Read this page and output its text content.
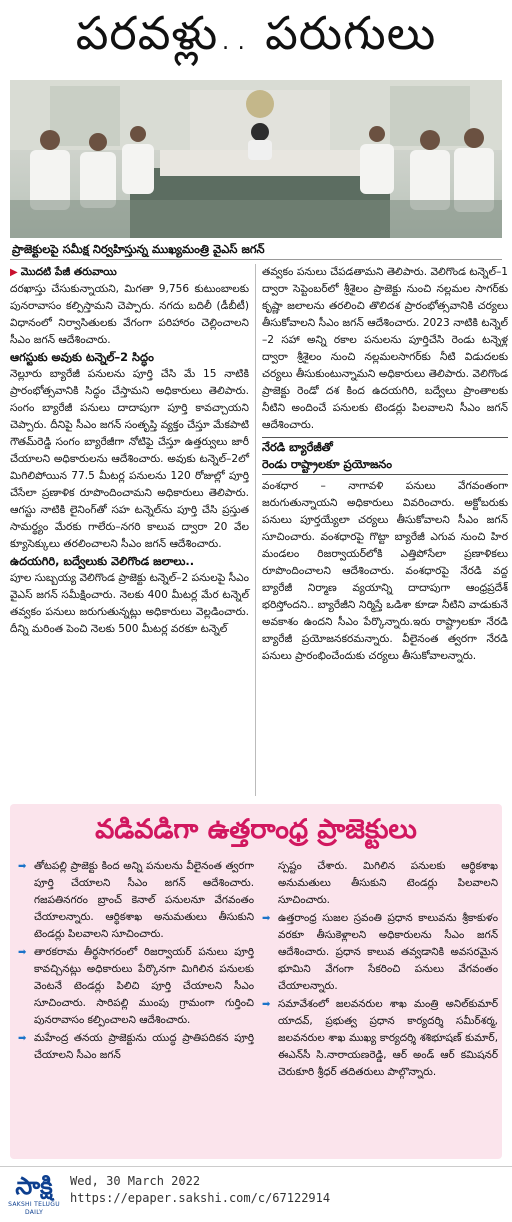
పరవళ్లు.. పరుగులు
ప్రాజెక్టులపై సమీక్ష నిర్వహిస్తున్న ముఖ్యమంత్రి వైఎస్ జగన్
▶ మొదటి పేజీ తరువాయి
దరఖాస్తు చేసుకున్నాయని, మిగతా 9,756 కుటుంబాలకు పునరావాసం కల్పిస్తామని చెప్పారు. నగదు బదిలీ (డీబీటీ) విధానంలో నిర్వాసితులకు వేగంగా పరిహారం చెల్లించాలని సీఎం జగన్ ఆదేశించారు.
ఆగస్టుకు అవుకు టన్నెల్–2 సిద్ధం
నెల్లూరు బ్యారేజీ పనులను పూర్తి చేసి మే 15 నాటికి ప్రారంభోత్సవానికి సిద్ధం చేస్తామని అధికారులు తెలిపారు. సంగం బ్యారేజీ పనులు దాదాపుగా పూర్తి కావచ్చాయని చెప్పారు. దీనిపై సీఎం జగన్ సంతృప్తి వ్యక్తం చేస్తూ మేకపాటి గౌతమ్‌రెడ్డి సంగం బ్యారేజీగా నోటిఫై చేస్తూ ఉత్తర్వులు జారీ చేయాలని అధికారులను ఆదేశించారు. అవుకు టన్నెల్–2లో మిగిలిపోయిన 77.5 మీటర్ల పనులను 120 రోజుల్లో పూర్తి చేసేలా ప్రణాళిక రూపొందించామని అధికారులు తెలిపారు. ఆగస్టు నాటికి లైనింగ్‌తో సహ టన్నెల్‌ను పూర్తి చేసి ప్రస్తుత సామర్థ్యం మేరకు గాలేరు–నగరి కాలువ ద్వారా 20 వేల క్యూసెక్కులు తరలించాలని సీఎం జగన్ ఆదేశించారు.
ఉదయగిరి, బద్వేలుకు వెలిగొండ జలాలు..
పూల సుబ్బయ్య వెలిగొండ ప్రాజెక్టు టన్నెల్–2 పనులపై సీఎం వైఎస్ జగన్ సమీక్షించారు. నెలకు 400 మీటర్ల మేర టన్నెల్ తవ్వకం పనులు జరుగుతున్నట్లు అధికారులు వెల్లడించారు. దీన్ని మరింత పెంచి నెలకు 500 మీటర్ల వరకూ టన్నెల్
తవ్వకం పనులు చేపడతామని తెలిపారు. వెలిగొండ టన్నెల్–1 ద్వారా సెప్టెంబర్‌లో శ్రీశైలం ప్రాజెక్టు నుంచి నల్లమల సాగర్‌కు కృష్ణా జలాలను తరలించి తొలిదశ ప్రారంభోత్సవానికి చర్యలు తీసుకోవాలని సీఎం జగన్ ఆదేశించారు. 2023 నాటికి టన్నెల్ –2 సహా అన్ని రకాల పనులను పూర్తిచేసి రెండు టన్నెళ్ల ద్వారా శ్రీశైలం నుంచి నల్లమలసాగర్‌కు నీటి విడుదలకు చర్యలు తీసుకుంటున్నామని అధికారులు తెలిపారు. వెలిగొండ ప్రాజెక్టు రెండో దశ కింద ఉదయగిరి, బద్వేలు ప్రాంతాలకు నీటిని అందించే పనులకు టెండర్లు పిలవాలని సీఎం జగన్ ఆదేశించారు.
నేరడి బ్యారేజీతో
రెండు రాష్ట్రాలకూ ప్రయోజనం
వంశధార – నాగావళి పనులు వేగవంతంగా జరుగుతున్నాయని అధికారులు వివరించారు. అక్టోబరుకు పనులు పూర్తయ్యేలా చర్యలు తీసుకోవాలని సీఎం జగన్ సూచించారు. వంశధారపై గొట్టా బ్యారేజీ ఎగువ నుంచి హిర మండలం రిజర్వాయర్‌లోకి ఎత్తిపోసేలా ప్రణాళికలు రూపొందించాలని ఆదేశించారు. వంశధారపై నేరడి వద్ద బ్యారేజీ నిర్మాణ వ్యయాన్ని దాదాపుగా ఆంధ్రప్రదేశ్ భరిస్తోందని.. బ్యారేజీని నిర్మిస్తే ఒడిశా కూడా నీటిని వాడుకునే అవకాశం ఉందని సీఎం పేర్కొన్నారు.ఇరు రాష్ట్రాలకూ నేరడి బ్యారేజీ ప్రయోజనకరమన్నారు. వీలైనంత త్వరగా నేరడి పనులు ప్రారంభించేందుకు చర్యలు తీసుకోవాలన్నారు.
వడివడిగా ఉత్తరాంధ్ర ప్రాజెక్టులు
➡ తోటపల్లి ప్రాజెక్టు కింద అన్ని పనులను వీలైనంత త్వరగా పూర్తి చేయాలని సీఎం జగన్ ఆదేశించారు. గజపతినగరం బ్రాంచ్ కెనాల్ పనులనూ వేగవంతం చేయాలన్నారు. ఆర్థికశాఖ అనుమతులు తీసుకుని టెండర్లు పిలవాలని సూచించారు.
➡ తారకరామ తీర్థసాగరంలో రిజర్వాయర్ పనులు పూర్తి కావచ్చినట్లు అధికారులు పేర్కొనగా మిగిలిన పనులకు వెంటనే టెండర్లు పిలిచి పూర్తి చేయాలని సీఎం సూచించారు. సారిపల్లి ముంపు గ్రామంగా గుర్తించి పునరావాసం కల్పించాలని ఆదేశించారు.
➡ మహేంద్ర తనయ ప్రాజెక్టును యుద్ధ ప్రాతిపదికన పూర్తి చేయాలని సీఎం జగన్
స్పష్టం చేశారు. మిగిలిన పనులకు ఆర్థికశాఖ అనుమతులు తీసుకుని టెండర్లు పిలవాలని సూచించారు.
➡ ఉత్తరాంధ్ర సుజల స్రవంతి ప్రధాన కాలువను శ్రీకాకుళం వరకూ తీసుకెళ్లాలని అధికారులను సీఎం జగన్ ఆదేశించారు. ప్రధాన కాలువ తవ్వడానికి అవసరమైన భూమిని వేగంగా సేకరించి పనులు వేగవంతం చేయాలన్నారు.
➡ సమావేశంలో జలవనరుల శాఖ మంత్రి అనిల్‌కుమార్ యాదవ్, ప్రభుత్వ ప్రధాన కార్యదర్శి సమీర్‌శర్మ, జలవనరుల శాఖ ముఖ్య కార్యదర్శి శశిభూషణ్ కుమార్, ఈఎన్‌సీ సి.నారాయణరెడ్డి, ఆర్ అండ్ ఆర్ కమిషనర్ చెరుకూరి శ్రీధర్ తదితరులు పాల్గొన్నారు.
సాక్షి
SAKSHI TELUGU DAILY
Wed, 30 March 2022
https://epaper.sakshi.com/c/67122914
